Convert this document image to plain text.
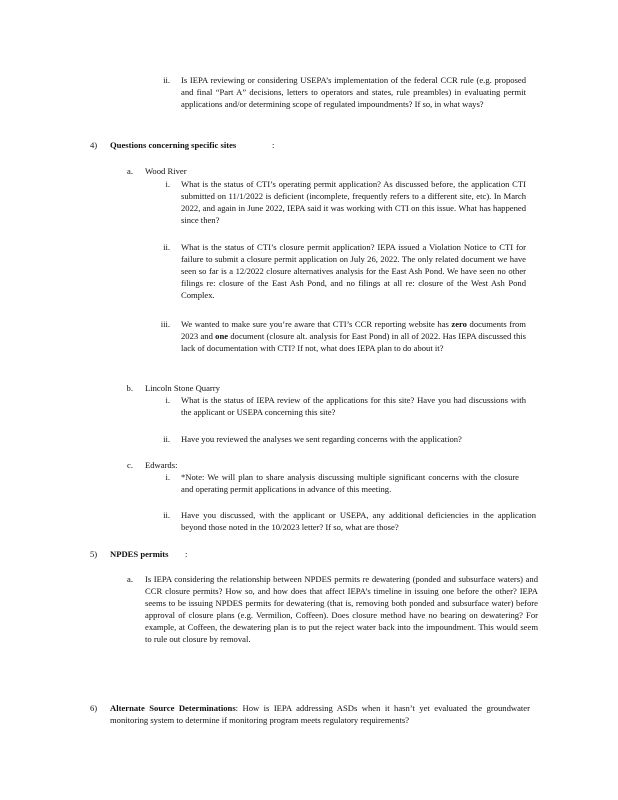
ii. Is IEPA reviewing or considering USEPA’s implementation of the federal CCR rule (e.g. proposed and final “Part A” decisions, letters to operators and states, rule preambles) in evaluating permit applications and/or determining scope of regulated impoundments? If so, in what ways?
4)	Questions concerning specific sites	:
a. Wood River
i. What is the status of CTI’s operating permit application? As discussed before, the application CTI submitted on 11/1/2022 is deficient (incomplete, frequently refers to a different site, etc). In March 2022, and again in June 2022, IEPA said it was working with CTI on this issue. What has happened since then?
ii. What is the status of CTI’s closure permit application? IEPA issued a Violation Notice to CTI for failure to submit a closure permit application on July 26, 2022. The only related document we have seen so far is a 12/2022 closure alternatives analysis for the East Ash Pond. We have seen no other filings re: closure of the East Ash Pond, and no filings at all re: closure of the West Ash Pond Complex.
iii. We wanted to make sure you’re aware that CTI’s CCR reporting website has zero documents from 2023 and one document (closure alt. analysis for East Pond) in all of 2022. Has IEPA discussed this lack of documentation with CTI? If not, what does IEPA plan to do about it?
b. Lincoln Stone Quarry
i. What is the status of IEPA review of the applications for this site? Have you had discussions with the applicant or USEPA concerning this site?
ii. Have you reviewed the analyses we sent regarding concerns with the application?
c. Edwards:
i. *Note: We will plan to share analysis discussing multiple significant concerns with the closure and operating permit applications in advance of this meeting.
ii. Have you discussed, with the applicant or USEPA, any additional deficiencies in the application beyond those noted in the 10/2023 letter? If so, what are those?
5)	NPDES permits	:
a. Is IEPA considering the relationship between NPDES permits re dewatering (ponded and subsurface waters) and CCR closure permits? How so, and how does that affect IEPA’s timeline in issuing one before the other? IEPA seems to be issuing NPDES permits for dewatering (that is, removing both ponded and subsurface water) before approval of closure plans (e.g. Vermilion, Coffeen). Does closure method have no bearing on dewatering? For example, at Coffeen, the dewatering plan is to put the reject water back into the impoundment. This would seem to rule out closure by removal.
6)	Alternate Source Determinations: How is IEPA addressing ASDs when it hasn’t yet evaluated the groundwater monitoring system to determine if monitoring program meets regulatory requirements?
